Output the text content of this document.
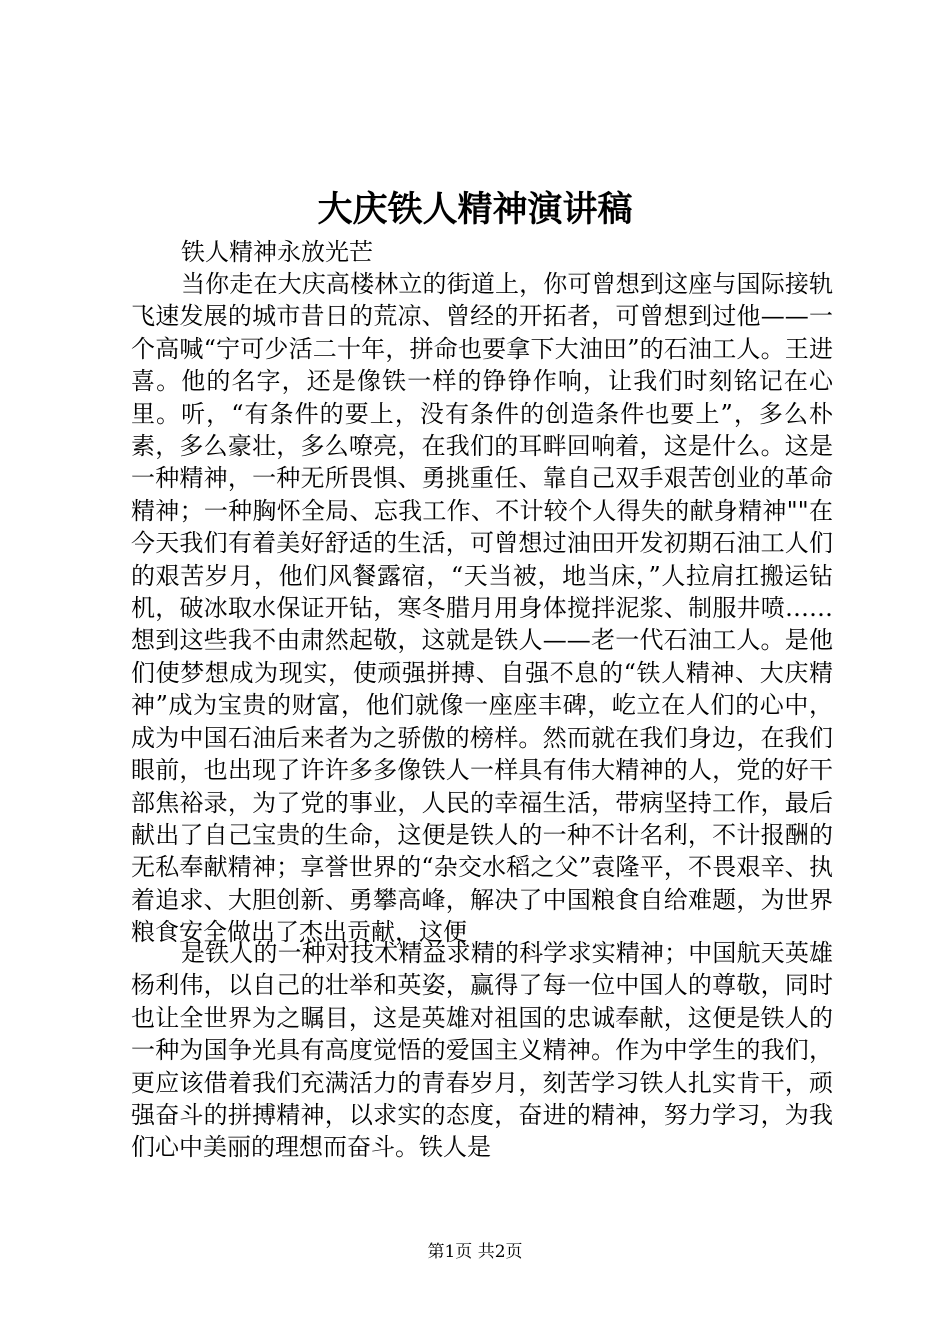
大庆铁人精神演讲稿

铁人精神永放光芒

当你走在大庆高楼林立的街道上，你可曾想到这座与国际接轨飞速发展的城市昔日的荒凉、曾经的开拓者，可曾想到过他——一个高喊“宁可少活二十年，拼命也要拿下大油田”的石油工人。王进喜。他的名字，还是像铁一样的铮铮作响，让我们时刻铭记在心里。听，“有条件的要上，没有条件的创造条件也要上”，多么朴素，多么豪壮，多么嘹亮，在我们的耳畔回响着，这是什么。这是一种精神，一种无所畏惧、勇挑重任、靠自己双手艰苦创业的革命精神；一种胸怀全局、忘我工作、不计较个人得失的献身精神""在今天我们有着美好舒适的生活，可曾想过油田开发初期石油工人们的艰苦岁月，他们风餐露宿，“天当被，地当床，”人拉肩扛搬运钻机，破冰取水保证开钻，寒冬腊月用身体搅拌泥浆、制服井喷……想到这些我不由肃然起敬，这就是铁人——老一代石油工人。是他们使梦想成为现实，使顽强拼搏、自强不息的“铁人精神、大庆精神”成为宝贵的财富，他们就像一座座丰碑，屹立在人们的心中，成为中国石油后来者为之骄傲的榜样。然而就在我们身边，在我们眼前，也出现了许许多多像铁人一样具有伟大精神的人，党的好干部焦裕录，为了党的事业，人民的幸福生活，带病坚持工作，最后献出了自己宝贵的生命，这便是铁人的一种不计名利，不计报酬的无私奉献精神；享誉世界的“杂交水稻之父”袁隆平，不畏艰辛、执着追求、大胆创新、勇攀高峰，解决了中国粮食自给难题，为世界粮食安全做出了杰出贡献，这便

是铁人的一种对技术精益求精的科学求实精神；中国航天英雄杨利伟，以自己的壮举和英姿，赢得了每一位中国人的尊敬，同时也让全世界为之瞩目，这是英雄对祖国的忠诚奉献，这便是铁人的一种为国争光具有高度觉悟的爱国主义精神。作为中学生的我们，更应该借着我们充满活力的青春岁月，刻苦学习铁人扎实肯干，顽强奋斗的拼搏精神，以求实的态度，奋进的精神，努力学习，为我们心中美丽的理想而奋斗。铁人是

第1页 共2页
